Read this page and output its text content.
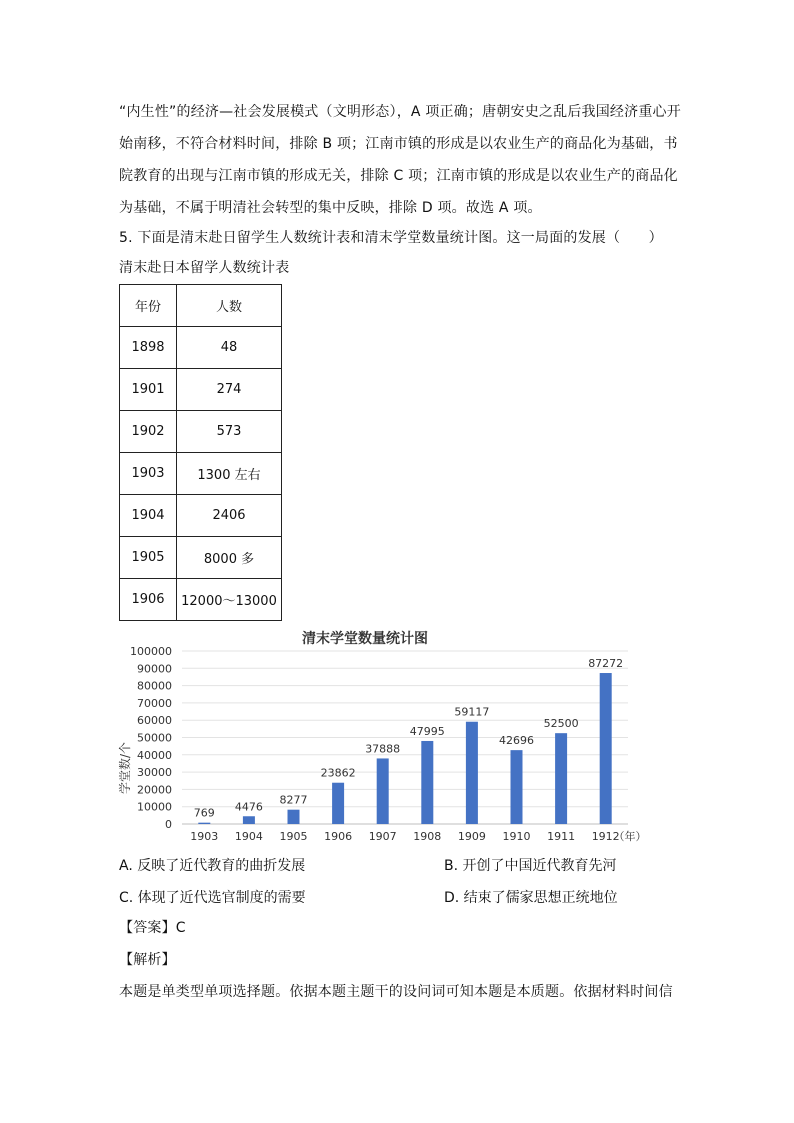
“内生性”的经济—社会发展模式（文明形态），A 项正确；唐朝安史之乱后我国经济重心开
始南移，不符合材料时间，排除 B 项；江南市镇的形成是以农业生产的商品化为基础，书
院教育的出现与江南市镇的形成无关，排除 C 项；江南市镇的形成是以农业生产的商品化
为基础，不属于明清社会转型的集中反映，排除 D 项。故选 A 项。
5. 下面是清末赴日留学生人数统计表和清末学堂数量统计图。这一局面的发展（　　）
清末赴日本留学人数统计表
年份	人数
1898	48
1901	274
1902	573
1903	1300 左右
1904	2406
1905	8000 多
1906	12000～13000
清末学堂数量统计图
0
10000
20000
30000
40000
50000
60000
70000
80000
90000
100000
769 4476
8277
23862
37888
47995
59117
42696
52500
87272
1903 1904 1905 1906 1907 1908 1909 1910 1911 1912
学堂数/个
（年）
A. 反映了近代教育的曲折发展	B. 开创了中国近代教育先河
C. 体现了近代选官制度的需要	D. 结束了儒家思想正统地位
【答案】C
【解析】
本题是单类型单项选择题。依据本题主题干的设问词可知本题是本质题。依据材料时间信
